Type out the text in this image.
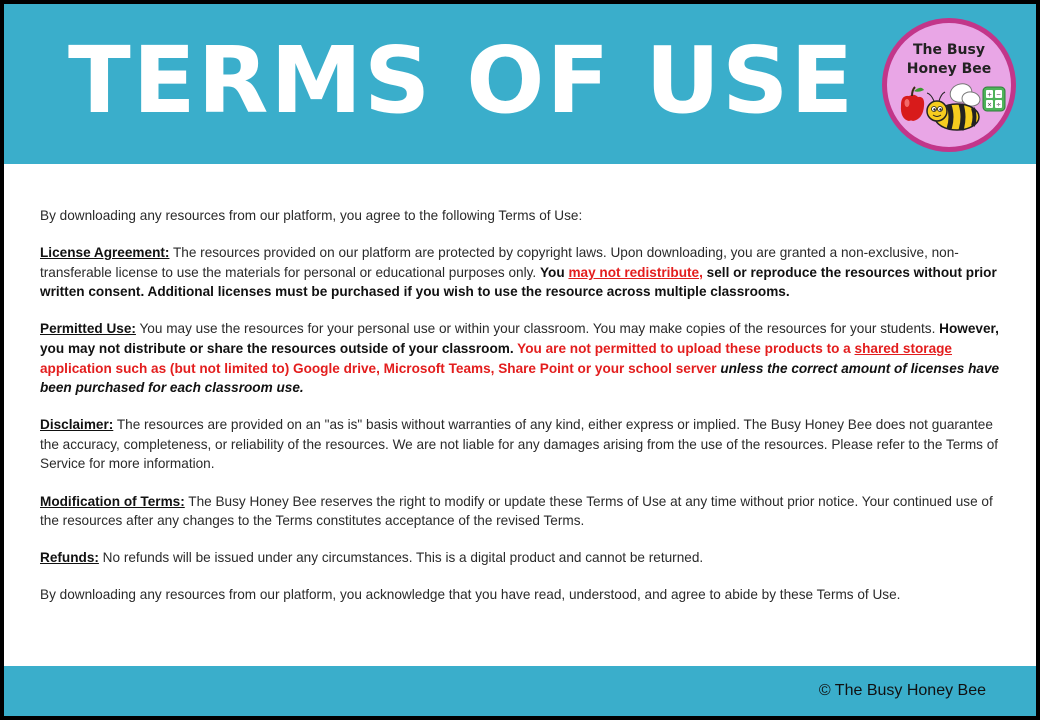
TERMS OF USE	The Busy
Honey Bee
+ −
× ÷

By downloading any resources from our platform, you agree to the following Terms of Use:

License Agreement: The resources provided on our platform are protected by copyright laws. Upon downloading, you are granted a non-exclusive, non-transferable license to use the materials for personal or educational purposes only. You may not redistribute, sell or reproduce the resources without prior written consent. Additional licenses must be purchased if you wish to use the resource across multiple classrooms.

Permitted Use: You may use the resources for your personal use or within your classroom. You may make copies of the resources for your students. However, you may not distribute or share the resources outside of your classroom. You are not permitted to upload these products to a shared storage application such as (but not limited to) Google drive, Microsoft Teams, Share Point or your school server unless the correct amount of licenses have been purchased for each classroom use.

Disclaimer: The resources are provided on an "as is" basis without warranties of any kind, either express or implied. The Busy Honey Bee does not guarantee the accuracy, completeness, or reliability of the resources. We are not liable for any damages arising from the use of the resources. Please refer to the Terms of Service for more information.

Modification of Terms: The Busy Honey Bee reserves the right to modify or update these Terms of Use at any time without prior notice. Your continued use of the resources after any changes to the Terms constitutes acceptance of the revised Terms.

Refunds: No refunds will be issued under any circumstances. This is a digital product and cannot be returned.

By downloading any resources from our platform, you acknowledge that you have read, understood, and agree to abide by these Terms of Use.

© The Busy Honey Bee
